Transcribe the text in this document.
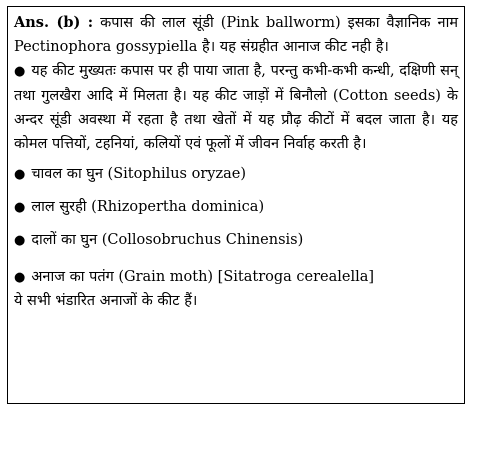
Ans. (b) : कपास की लाल सूंडी (Pink ballworm) इसका वैज्ञानिक नाम Pectinophora gossypiella है। यह संग्रहीत आनाज कीट नही है।

● यह कीट मुख्यतः कपास पर ही पाया जाता है, परन्तु कभी-कभी कन्धी, दक्षिणी सन् तथा गुलखैरा आदि में मिलता है। यह कीट जाड़ों में बिनौलो (Cotton seeds) के अन्दर सूंडी अवस्था में रहता है तथा खेतों में यह प्रौढ़ कीटों में बदल जाता है। यह कोमल पत्तियों, टहनियां, कलियों एवं फूलों में जीवन निर्वाह करती है।

● चावल का घुन (Sitophilus oryzae)

● लाल सुरही (Rhizopertha dominica)

● दालों का घुन (Collosobruchus Chinensis)

● अनाज का पतंग (Grain moth) [Sitatroga cerealella]

ये सभी भंडारित अनाजों के कीट हैं।
